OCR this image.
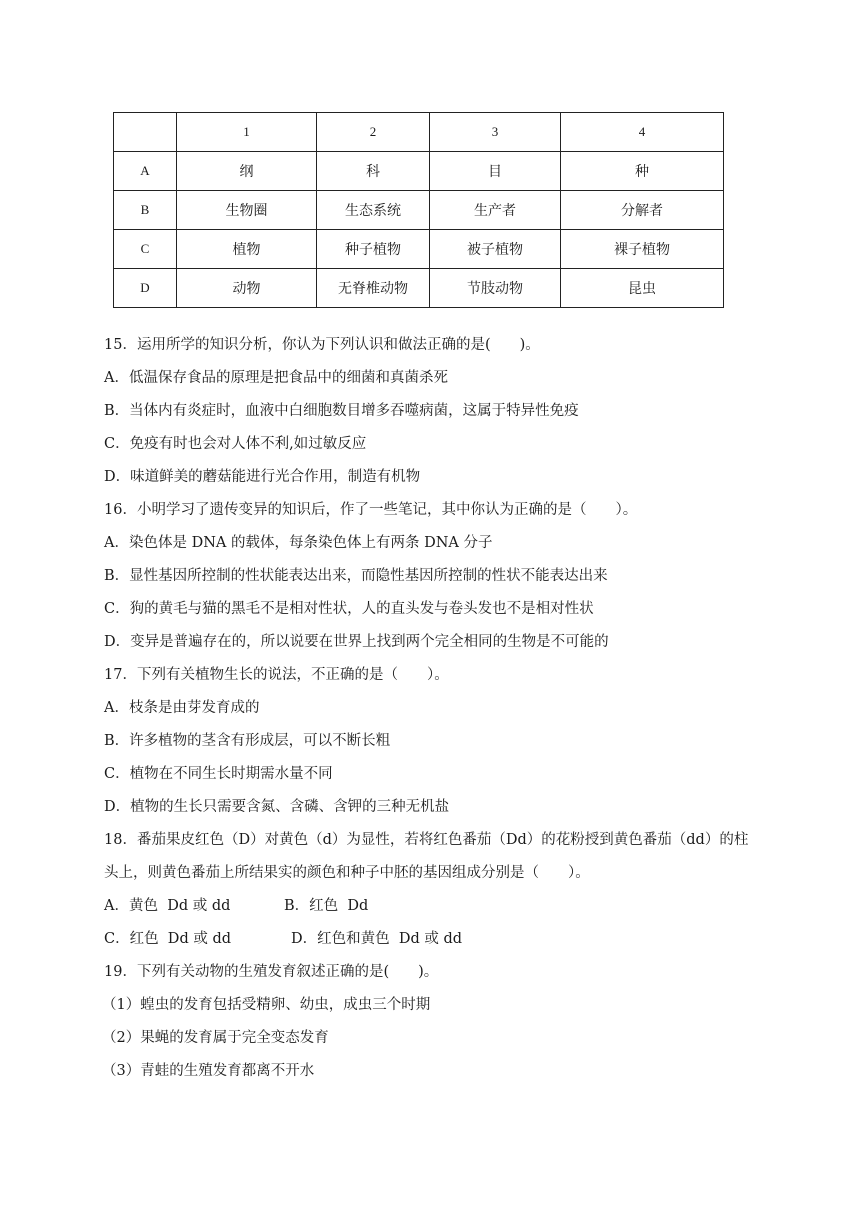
	1	2	3	4
A	纲	科	目	种
B	生物圈	生态系统	生产者	分解者
C	植物	种子植物	被子植物	裸子植物
D	动物	无脊椎动物	节肢动物	昆虫
15．运用所学的知识分析，你认为下列认识和做法正确的是(　　)。
A．低温保存食品的原理是把食品中的细菌和真菌杀死
B．当体内有炎症时，血液中白细胞数目增多吞噬病菌，这属于特异性免疫
C．免疫有时也会对人体不利,如过敏反应
D．味道鲜美的蘑菇能进行光合作用，制造有机物
16．小明学习了遗传变异的知识后，作了一些笔记，其中你认为正确的是（　　）。
A．染色体是 DNA 的载体，每条染色体上有两条 DNA 分子
B．显性基因所控制的性状能表达出来，而隐性基因所控制的性状不能表达出来
C．狗的黄毛与猫的黑毛不是相对性状，人的直头发与卷头发也不是相对性状
D．变异是普遍存在的，所以说要在世界上找到两个完全相同的生物是不可能的
17．下列有关植物生长的说法，不正确的是（　　）。
A．枝条是由芽发育成的
B．许多植物的茎含有形成层，可以不断长粗
C．植物在不同生长时期需水量不同
D．植物的生长只需要含氮、含磷、含钾的三种无机盐
18．番茄果皮红色（D）对黄色（d）为显性，若将红色番茄（Dd）的花粉授到黄色番茄（dd）的柱
头上，则黄色番茄上所结果实的颜色和种子中胚的基因组成分别是（　　）。
A．黄色  Dd 或 dd	B．红色  Dd
C．红色  Dd 或 dd	D．红色和黄色  Dd 或 dd
19．下列有关动物的生殖发育叙述正确的是(　　)。
（1）蝗虫的发育包括受精卵、幼虫，成虫三个时期
（2）果蝇的发育属于完全变态发育
（3）青蛙的生殖发育都离不开水
